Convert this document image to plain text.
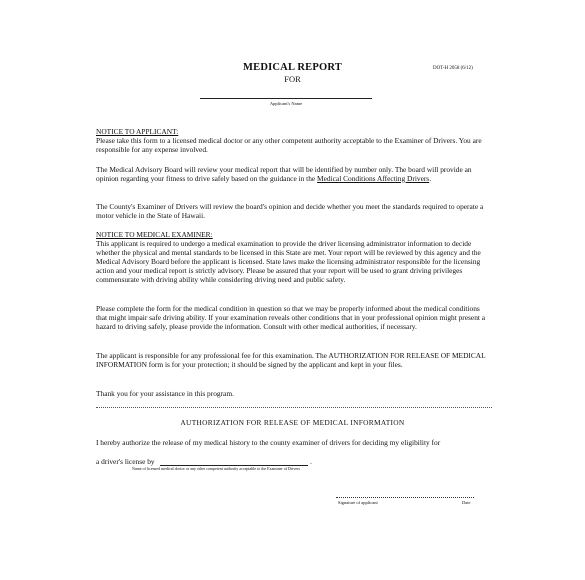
MEDICAL REPORT
FOR
DOT-H 2058 (6/12)
Applicant's Name

NOTICE TO APPLICANT:

Please take this form to a licensed medical doctor or any other competent authority acceptable to the Examiner of Drivers. You are responsible for any expense involved.

The Medical Advisory Board will review your medical report that will be identified by number only. The board will provide an opinion regarding your fitness to drive safely based on the guidance in the Medical Conditions Affecting Drivers.

The County's Examiner of Drivers will review the board's opinion and decide whether you meet the standards required to operate a motor vehicle in the State of Hawaii.

NOTICE TO MEDICAL EXAMINER:

This applicant is required to undergo a medical examination to provide the driver licensing administrator information to decide whether the physical and mental standards to be licensed in this State are met. Your report will be reviewed by this agency and the Medical Advisory Board before the applicant is licensed. State laws make the licensing administrator responsible for the licensing action and your medical report is strictly advisory. Please be assured that your report will be used to grant driving privileges commensurate with driving ability while considering driving need and public safety.

Please complete the form for the medical condition in question so that we may be properly informed about the medical conditions that might impair safe driving ability. If your examination reveals other conditions that in your professional opinion might present a hazard to driving safely, please provide the information. Consult with other medical authorities, if necessary.

The applicant is responsible for any professional fee for this examination. The AUTHORIZATION FOR RELEASE OF MEDICAL INFORMATION form is for your protection; it should be signed by the applicant and kept in your files.

Thank you for your assistance in this program.

AUTHORIZATION FOR RELEASE OF MEDICAL INFORMATION
I hereby authorize the release of my medical history to the county examiner of drivers for deciding my eligibility for
a driver's license by	.
Name of licensed medical doctor or any other competent authority acceptable to the Examiner of Drivers
Signature of applicant	Date
